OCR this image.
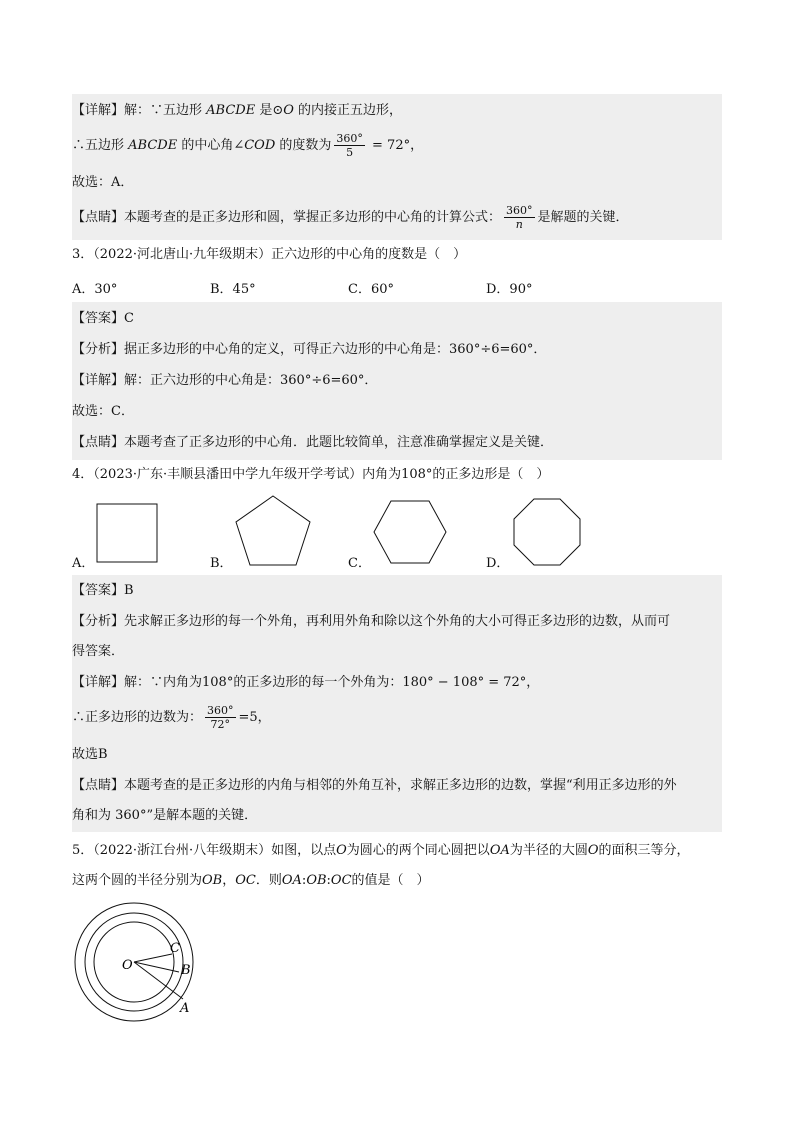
【详解】解：∵五边形 ABCDE 是⊙O 的内接正五边形，
∴五边形 ABCDE 的中心角∠COD 的度数为 $\frac{360^\circ}{5} = 72^\circ$，
故选：A．
【点睛】本题考查的是正多边形和圆，掌握正多边形的中心角的计算公式： $\frac{360^\circ}{n}$ 是解题的关键．
3．（2022·河北唐山·九年级期末）正六边形的中心角的度数是（　）
A．30°	B．45°	C．60°	D．90°
【答案】C
【分析】据正多边形的中心角的定义，可得正六边形的中心角是：360°÷6=60°．
【详解】解：正六边形的中心角是：360°÷6=60°．
故选：C．
【点睛】本题考查了正多边形的中心角．此题比较简单，注意准确掌握定义是关键．
4．（2023·广东·丰顺县潘田中学九年级开学考试）内角为108°的正多边形是（　）
A．	B．	C．	D．
【答案】B
【分析】先求解正多边形的每一个外角，再利用外角和除以这个外角的大小可得正多边形的边数，从而可
得答案．
【详解】解：∵内角为108°的正多边形的每一个外角为：180° − 108° = 72°，
∴正多边形的边数为： $\frac{360^\circ}{72^\circ} =5$，
故选B
【点睛】本题考查的是正多边形的内角与相邻的外角互补，求解正多边形的边数，掌握“利用正多边形的外
角和为 360°”是解本题的关键．
5．（2022·浙江台州·八年级期末）如图，以点O为圆心的两个同心圆把以OA为半径的大圆O的面积三等分，
这两个圆的半径分别为OB，OC．则OA:OB:OC的值是（　）
O
C
B
A
